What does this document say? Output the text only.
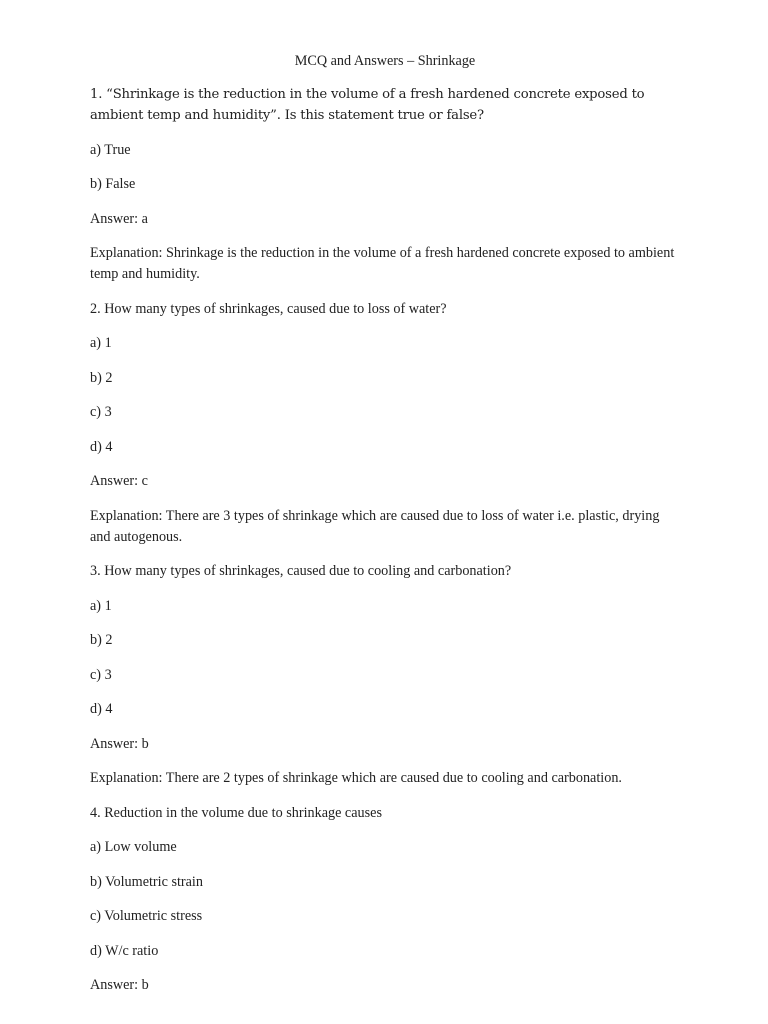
MCQ and Answers – Shrinkage

1. “Shrinkage is the reduction in the volume of a fresh hardened concrete exposed to ambient temp and humidity”. Is this statement true or false?

a) True

b) False

Answer: a

Explanation: Shrinkage is the reduction in the volume of a fresh hardened concrete exposed to ambient temp and humidity.

2. How many types of shrinkages, caused due to loss of water?

a) 1

b) 2

c) 3

d) 4

Answer: c

Explanation: There are 3 types of shrinkage which are caused due to loss of water i.e. plastic, drying and autogenous.

3. How many types of shrinkages, caused due to cooling and carbonation?

a) 1

b) 2

c) 3

d) 4

Answer: b

Explanation: There are 2 types of shrinkage which are caused due to cooling and carbonation.

4. Reduction in the volume due to shrinkage causes

a) Low volume

b) Volumetric strain

c) Volumetric stress

d) W/c ratio

Answer: b
